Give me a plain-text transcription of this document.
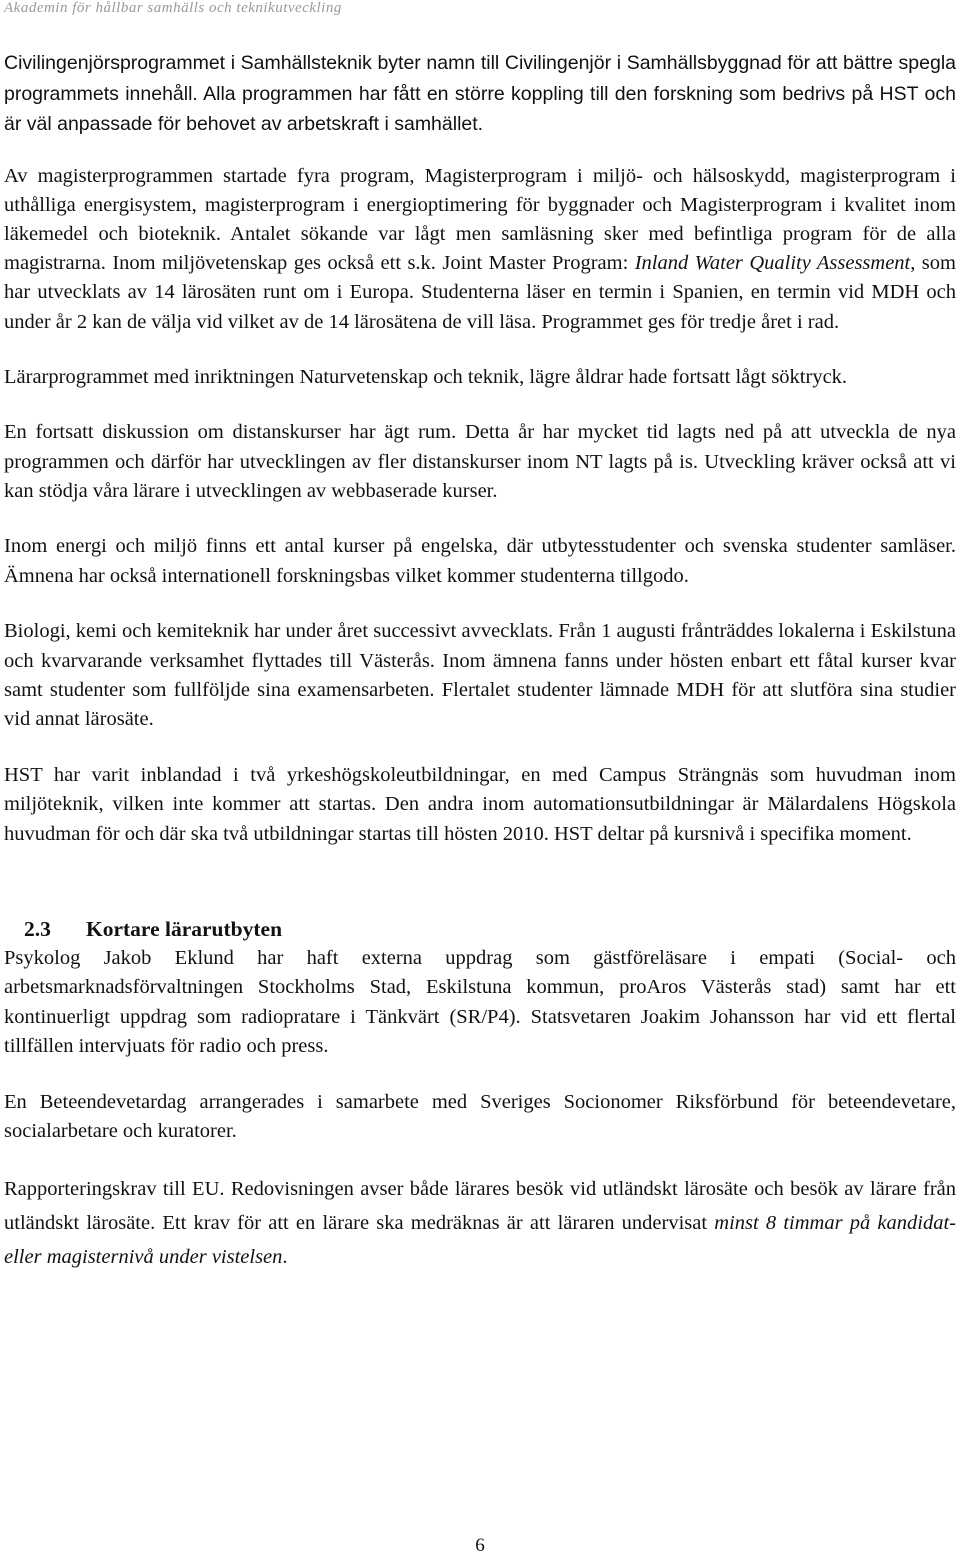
Akademin för hållbar samhälls och teknikutveckling

Civilingenjörsprogrammet i Samhällsteknik byter namn till Civilingenjör i Samhällsbyggnad för att bättre spegla programmets innehåll. Alla programmen har fått en större koppling till den forskning som bedrivs på HST och är väl anpassade för behovet av arbetskraft i samhället.

Av magisterprogrammen startade fyra program, Magisterprogram i miljö- och hälsoskydd, magisterprogram i uthålliga energisystem, magisterprogram i energioptimering för byggnader och Magisterprogram i kvalitet inom läkemedel och bioteknik. Antalet sökande var lågt men samläsning sker med befintliga program för de alla magistrarna. Inom miljövetenskap ges också ett s.k. Joint Master Program: Inland Water Quality Assessment, som har utvecklats av 14 lärosäten runt om i Europa. Studenterna läser en termin i Spanien, en termin vid MDH och under år 2 kan de välja vid vilket av de 14 lärosätena de vill läsa. Programmet ges för tredje året i rad.

Lärarprogrammet med inriktningen Naturvetenskap och teknik, lägre åldrar hade fortsatt lågt söktryck.

En fortsatt diskussion om distanskurser har ägt rum. Detta år har mycket tid lagts ned på att utveckla de nya programmen och därför har utvecklingen av fler distanskurser inom NT lagts på is. Utveckling kräver också att vi kan stödja våra lärare i utvecklingen av webbaserade kurser.

Inom energi och miljö finns ett antal kurser på engelska, där utbytesstudenter och svenska studenter samläser. Ämnena har också internationell forskningsbas vilket kommer studenterna tillgodo.

Biologi, kemi och kemiteknik har under året successivt avvecklats. Från 1 augusti frånträddes lokalerna i Eskilstuna och kvarvarande verksamhet flyttades till Västerås. Inom ämnena fanns under hösten enbart ett fåtal kurser kvar samt studenter som fullföljde sina examensarbeten. Flertalet studenter lämnade MDH för att slutföra sina studier vid annat lärosäte.

HST har varit inblandad i två yrkeshögskoleutbildningar, en med Campus Strängnäs som huvudman inom miljöteknik, vilken inte kommer att startas. Den andra inom automationsutbildningar är Mälardalens Högskola huvudman för och där ska två utbildningar startas till hösten 2010. HST deltar på kursnivå i specifika moment.

2.3 Kortare lärarutbyten

Psykolog Jakob Eklund har haft externa uppdrag som gästföreläsare i empati (Social- och arbetsmarknadsförvaltningen Stockholms Stad, Eskilstuna kommun, proAros Västerås stad) samt har ett kontinuerligt uppdrag som radiopratare i Tänkvärt (SR/P4). Statsvetaren Joakim Johansson har vid ett flertal tillfällen intervjuats för radio och press.

En Beteendevetardag arrangerades i samarbete med Sveriges Socionomer Riksförbund för beteendevetare, socialarbetare och kuratorer.

Rapporteringskrav till EU. Redovisningen avser både lärares besök vid utländskt lärosäte och besök av lärare från utländskt lärosäte. Ett krav för att en lärare ska medräknas är att läraren undervisat minst 8 timmar på kandidat- eller magisternivå under vistelsen.

6
